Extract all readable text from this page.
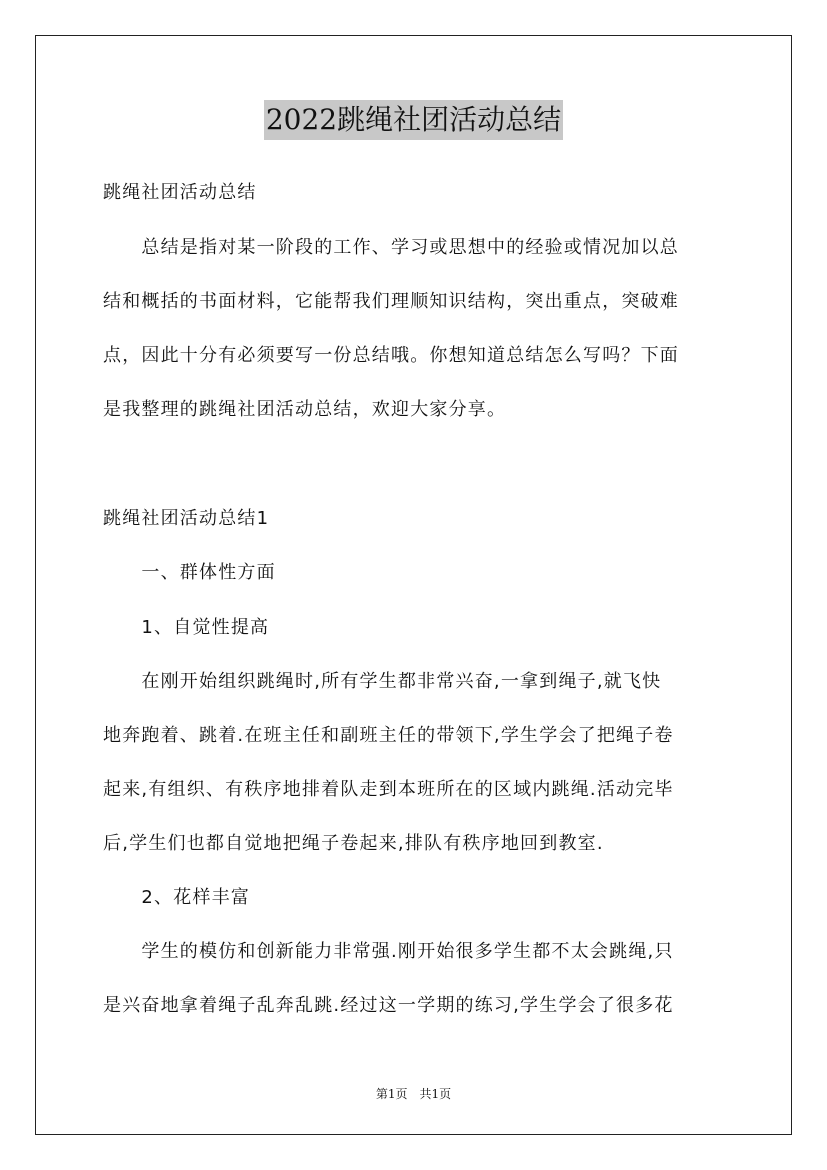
2022跳绳社团活动总结
跳绳社团活动总结
　　总结是指对某一阶段的工作、学习或思想中的经验或情况加以总
结和概括的书面材料，它能帮我们理顺知识结构，突出重点，突破难
点，因此十分有必须要写一份总结哦。你想知道总结怎么写吗？下面
是我整理的跳绳社团活动总结，欢迎大家分享。
跳绳社团活动总结1
　　一、群体性方面
　　1、自觉性提高
　　在刚开始组织跳绳时,所有学生都非常兴奋,一拿到绳子,就飞快
地奔跑着、跳着.在班主任和副班主任的带领下,学生学会了把绳子卷
起来,有组织、有秩序地排着队走到本班所在的区域内跳绳.活动完毕
后,学生们也都自觉地把绳子卷起来,排队有秩序地回到教室.
　　2、花样丰富
　　学生的模仿和创新能力非常强.刚开始很多学生都不太会跳绳,只
是兴奋地拿着绳子乱奔乱跳.经过这一学期的练习,学生学会了很多花
第1页　共1页
